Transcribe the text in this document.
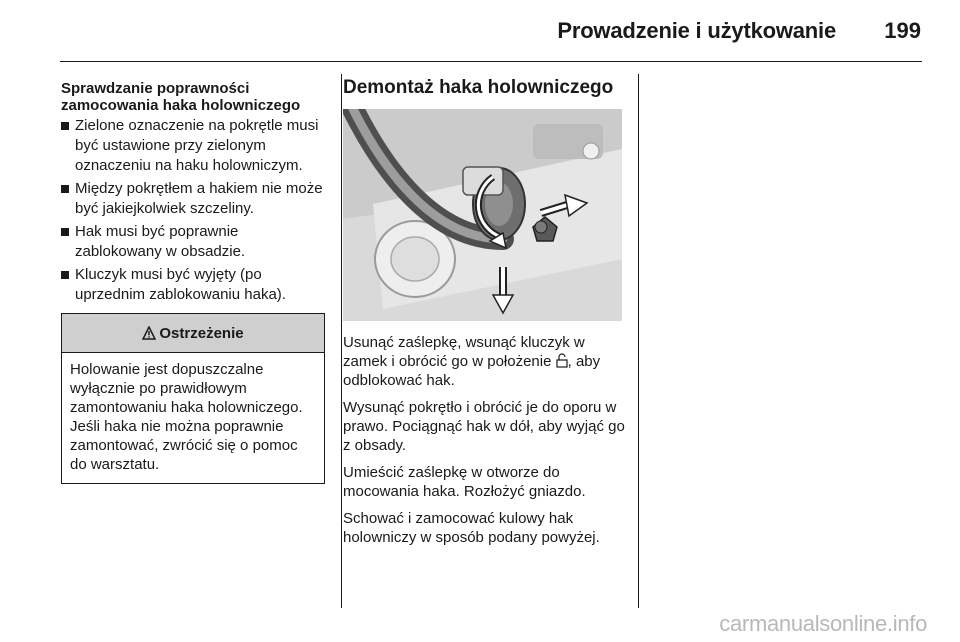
Prowadzenie i użytkowanie 199
Sprawdzanie poprawności zamocowania haka holowniczego
Zielone oznaczenie na pokrętle musi być ustawione przy zielonym oznaczeniu na haku holowniczym.
Między pokrętłem a hakiem nie może być jakiejkolwiek szczeliny.
Hak musi być poprawnie zablokowany w obsadzie.
Kluczyk musi być wyjęty (po uprzednim zablokowaniu haka).
Ostrzeżenie
Holowanie jest dopuszczalne wyłącznie po prawidłowym zamontowaniu haka holowniczego. Jeśli haka nie można poprawnie zamontować, zwrócić się o pomoc do warsztatu.
Demontaż haka holowniczego

Usunąć zaślepkę, wsunąć kluczyk w zamek i obrócić go w położenie , aby odblokować hak.

Wysunąć pokrętło i obrócić je do oporu w prawo. Pociągnąć hak w dół, aby wyjąć go z obsady.

Umieścić zaślepkę w otworze do mocowania haka. Rozłożyć gniazdo.

Schować i zamocować kulowy hak holowniczy w sposób podany powyżej.

carmanualsonline.info
